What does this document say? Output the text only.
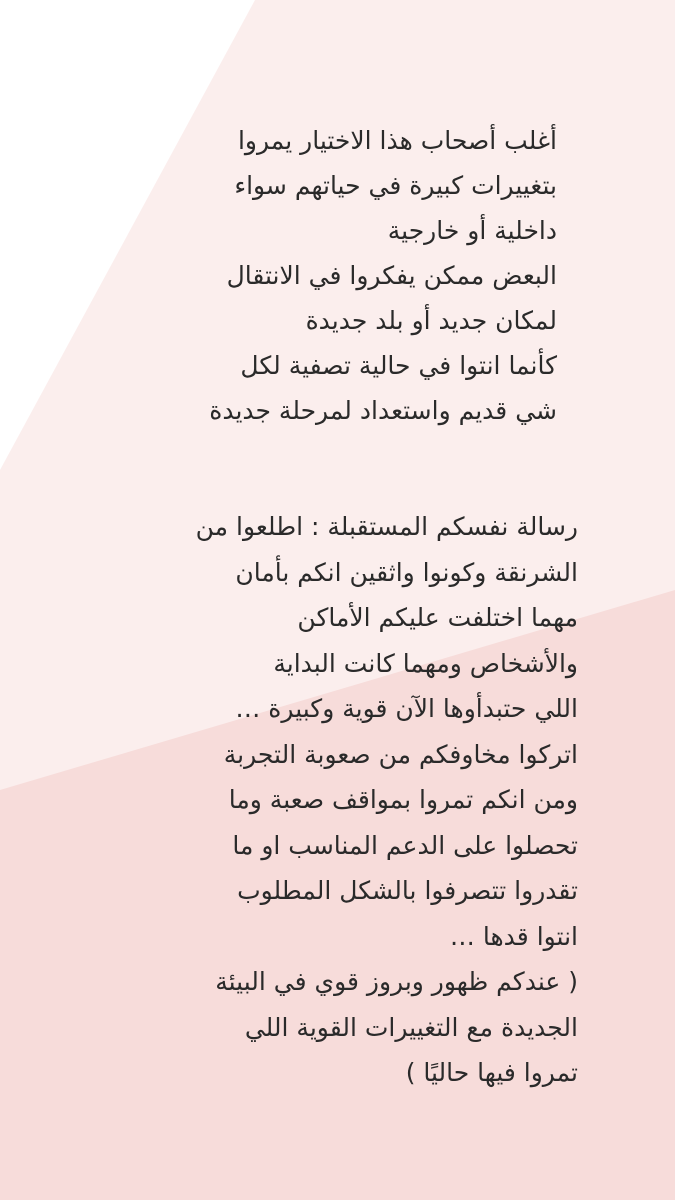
أغلب أصحاب هذا الاختيار يمروا
بتغييرات كبيرة في حياتهم سواء
داخلية أو خارجية
البعض ممكن يفكروا في الانتقال
لمكان جديد أو بلد جديدة
كأنما انتوا في حالية تصفية لكل
شي قديم واستعداد لمرحلة جديدة
رسالة نفسكم المستقبلة : اطلعوا من
الشرنقة وكونوا واثقين انكم بأمان
مهما اختلفت عليكم الأماكن
والأشخاص ومهما كانت البداية
اللي حتبدأوها الآن قوية وكبيرة …
اتركوا مخاوفكم من صعوبة التجربة
ومن انكم تمروا بمواقف صعبة وما
تحصلوا على الدعم المناسب او ما
تقدروا تتصرفوا بالشكل المطلوب
انتوا قدها …
( عندكم ظهور وبروز قوي في البيئة
الجديدة مع التغييرات القوية اللي
تمروا فيها حاليًا )
